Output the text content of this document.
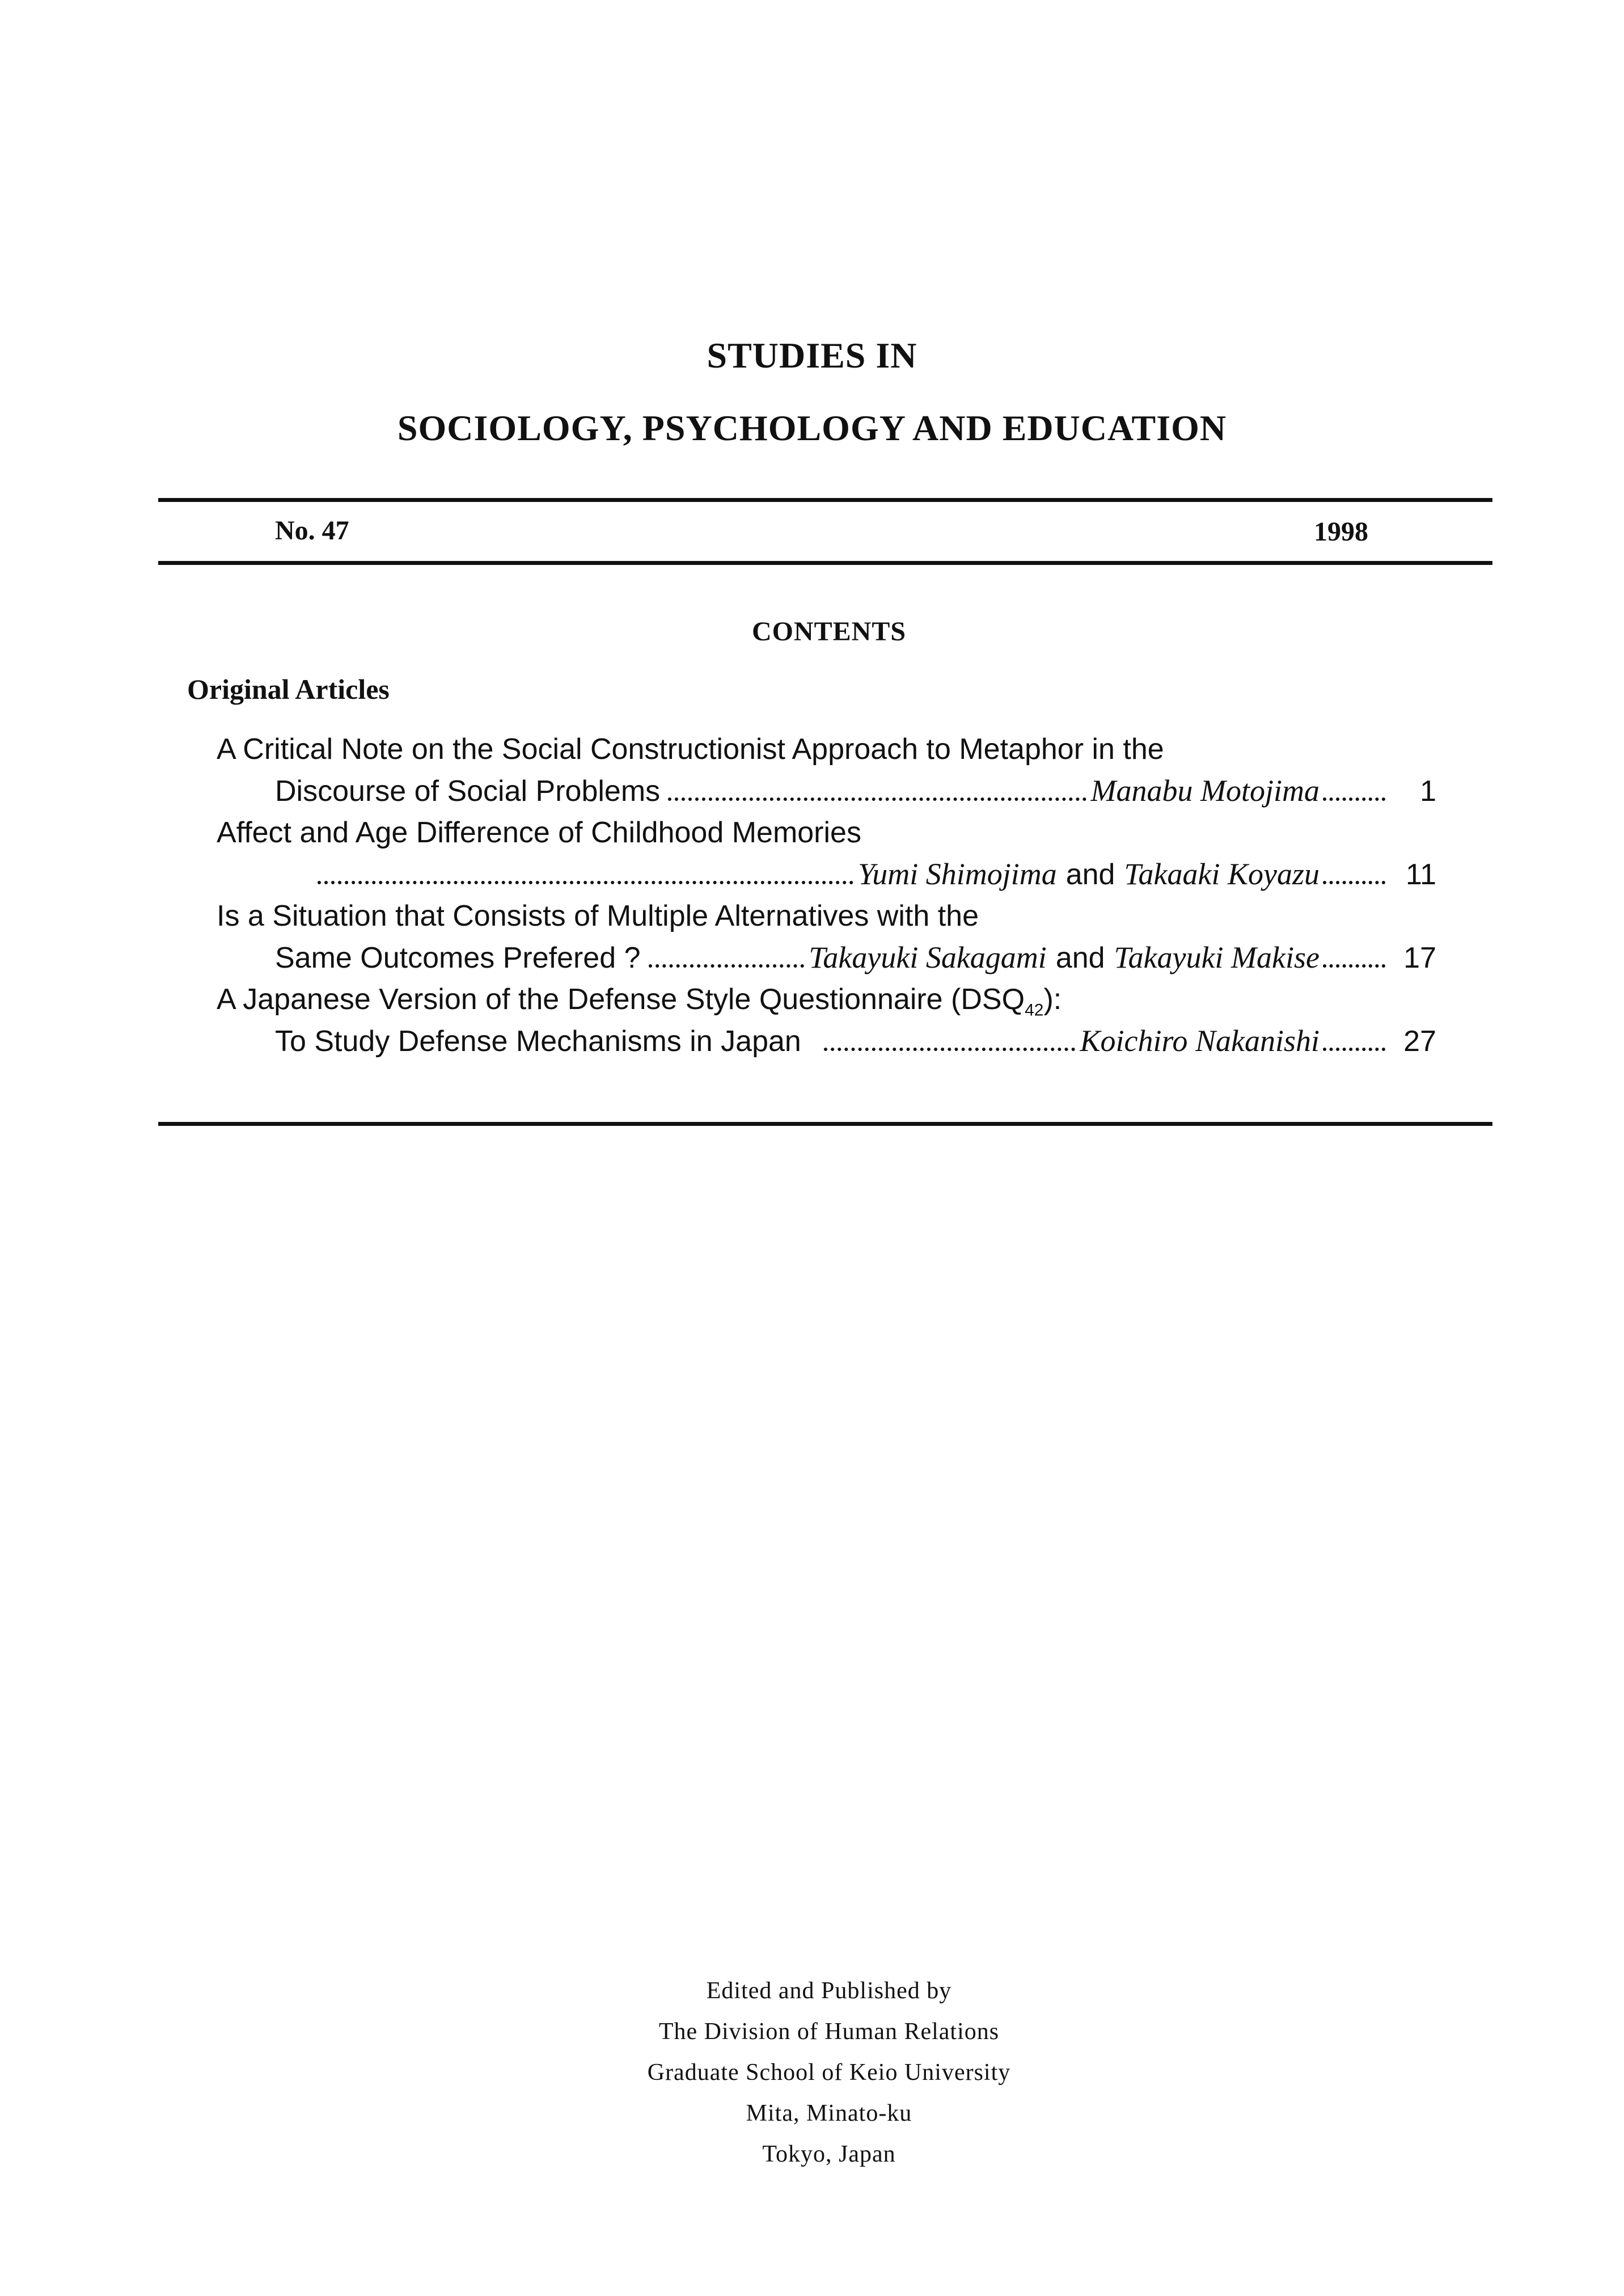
STUDIES IN
SOCIOLOGY, PSYCHOLOGY AND EDUCATION
No. 47	1998
CONTENTS
Original Articles
A Critical Note on the Social Constructionist Approach to Metaphor in the
Discourse of Social Problems	Manabu Motojima	1
Affect and Age Difference of Childhood Memories
Yumi Shimojima and Takaaki Koyazu	11
Is a Situation that Consists of Multiple Alternatives with the
Same Outcomes Prefered ?	Takayuki Sakagami and Takayuki Makise	17
A Japanese Version of the Defense Style Questionnaire $(DSQ_{42})$:
To Study Defense Mechanisms in Japan	Koichiro Nakanishi	27
Edited and Published by
The Division of Human Relations
Graduate School of Keio University
Mita, Minato-ku
Tokyo, Japan
